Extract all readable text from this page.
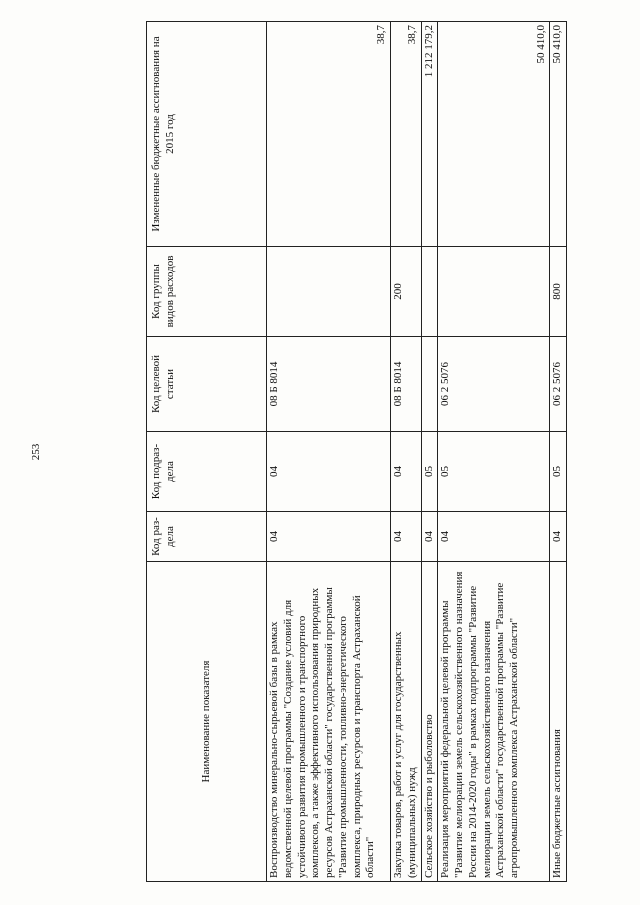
253
Наименование показателя	Код раз-дела	Код подраз-дела	Код целевой статьи	Код группы видов расходов	Измененные бюджетные ассигнования на 2015 год
Воспроизводство минерально-сырьевой базы в рамках ведомственной целевой программы "Создание условий для устойчивого развития промышленного и транспортного комплексов, а также эффективного использования природных ресурсов Астраханской области" государственной программы "Развитие промышленности, топливно-энергетического комплекса, природных ресурсов и транспорта Астраханской области"	04	04	08 Б 8014		38,7
Закупка товаров, работ и услуг для государственных (муниципальных) нужд	04	04	08 Б 8014	200	38,7
Сельское хозяйство и рыболовство	04	05			1 212 179,2
Реализация мероприятий федеральной целевой программы "Развитие мелиорации земель сельскохозяйственного назначения России на 2014-2020 годы" в рамках подпрограммы "Развитие мелиорации земель сельскохозяйственного назначения Астраханской области" государственной программы "Развитие агропромышленного комплекса Астраханской области"	04	05	06 2 5076		50 410,0
Иные бюджетные ассигнования	04	05	06 2 5076	800	50 410,0
